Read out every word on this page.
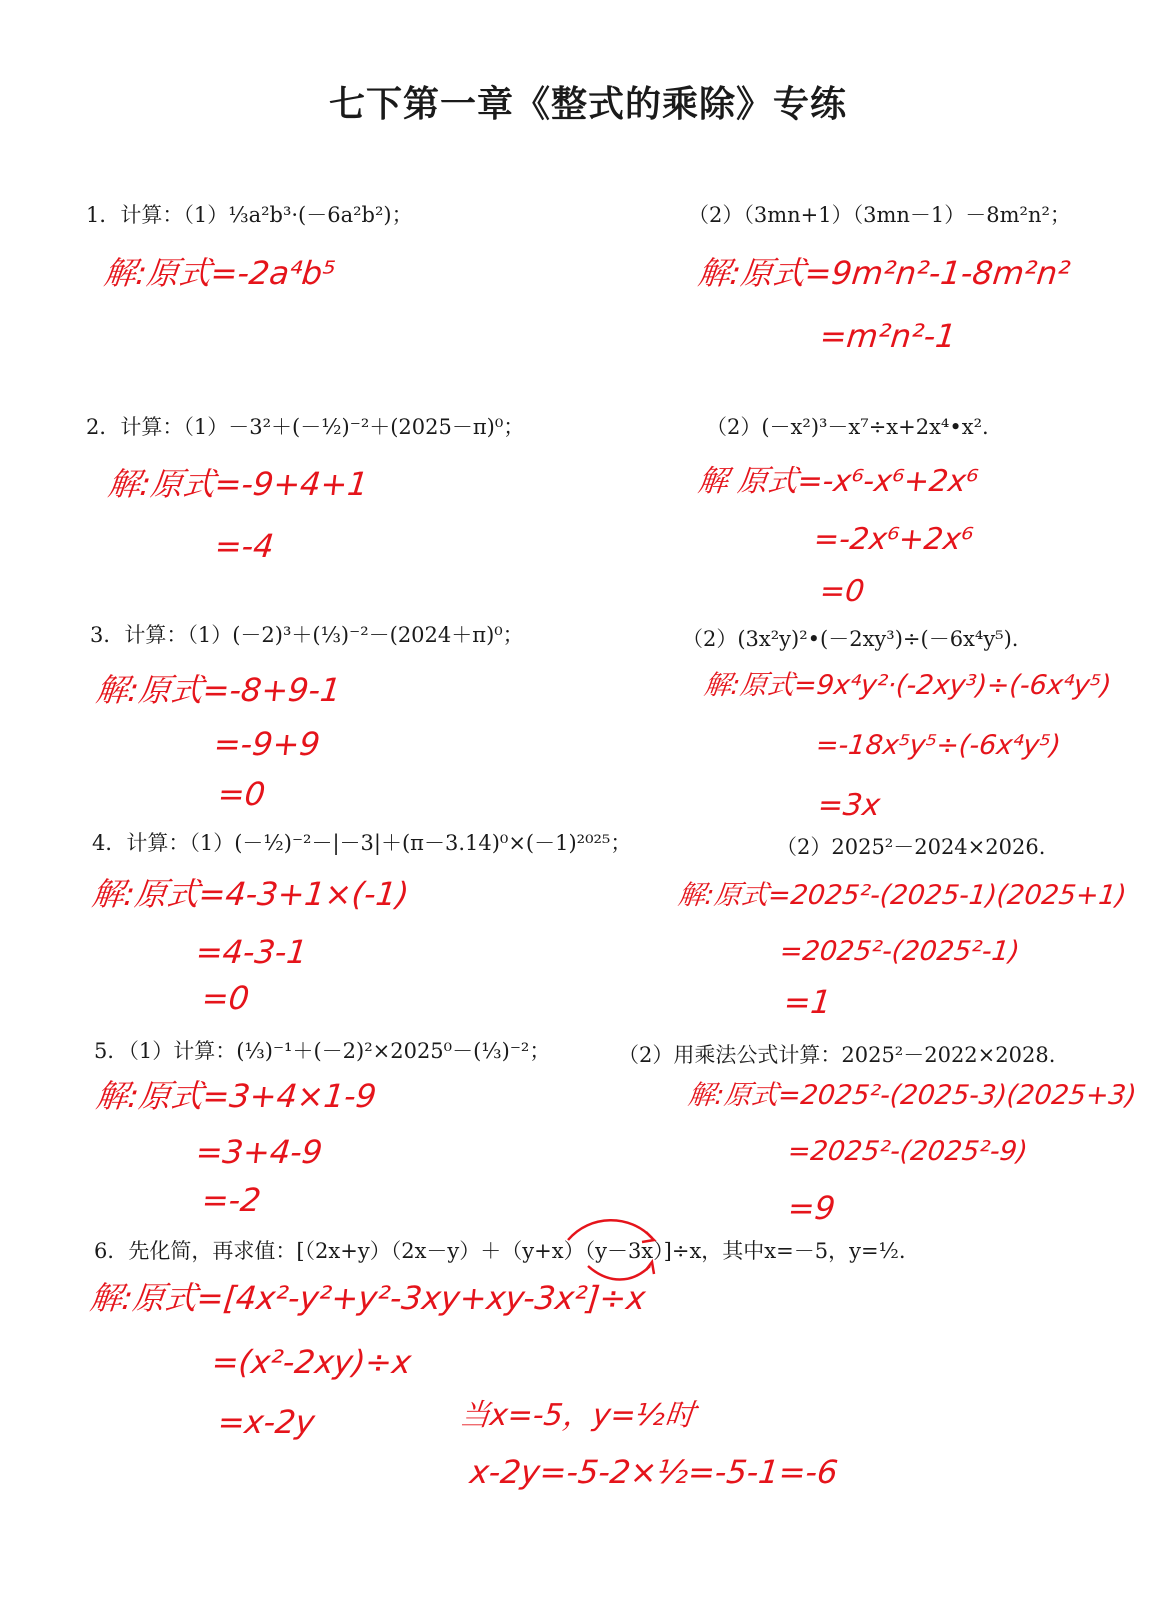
七下第一章《整式的乘除》专练
1．计算：（1）⅓a²b³·(－6a²b²)；	（2）（3mn+1）（3mn－1）－8m²n²；
解:原式=-2a⁴b⁵	解:原式=9m²n²-1-8m²n²
=m²n²-1
2．计算：（1）－3²＋(－½)⁻²＋(2025－π)⁰；	（2）(－x²)³－x⁷÷x+2x⁴•x².
解:原式=-9+4+1
=-4
解 原式=-x⁶-x⁶+2x⁶
=-2x⁶+2x⁶
=0
3．计算：（1）(－2)³＋(⅓)⁻²－(2024＋π)⁰；	（2）(3x²y)²•(－2xy³)÷(－6x⁴y⁵).
解:原式=-8+9-1
=-9+9
=0
解:原式=9x⁴y²·(-2xy³)÷(-6x⁴y⁵)
=-18x⁵y⁵÷(-6x⁴y⁵)
=3x
4．计算：（1）(－½)⁻²－|－3|＋(π－3.14)⁰×(－1)²⁰²⁵；	（2）2025²－2024×2026.
解:原式=4-3+1×(-1)
=4-3-1
=0
解:原式=2025²-(2025-1)(2025+1)
=2025²-(2025²-1)
=1
5．（1）计算：(⅓)⁻¹＋(－2)²×2025⁰－(⅓)⁻²；	（2）用乘法公式计算：2025²－2022×2028.
解:原式=3+4×1-9
=3+4-9
=-2
解:原式=2025²-(2025-3)(2025+3)
=2025²-(2025²-9)
=9
6．先化简，再求值：[（2x+y）（2x－y）＋（y+x）（y－3x）]÷x，其中x=－5，y=½.
解:原式=[4x²-y²+y²-3xy+xy-3x²]÷x
=(x²-2xy)÷x
=x-2y	当x=-5，y=½时
x-2y=-5-2×½=-5-1=-6
